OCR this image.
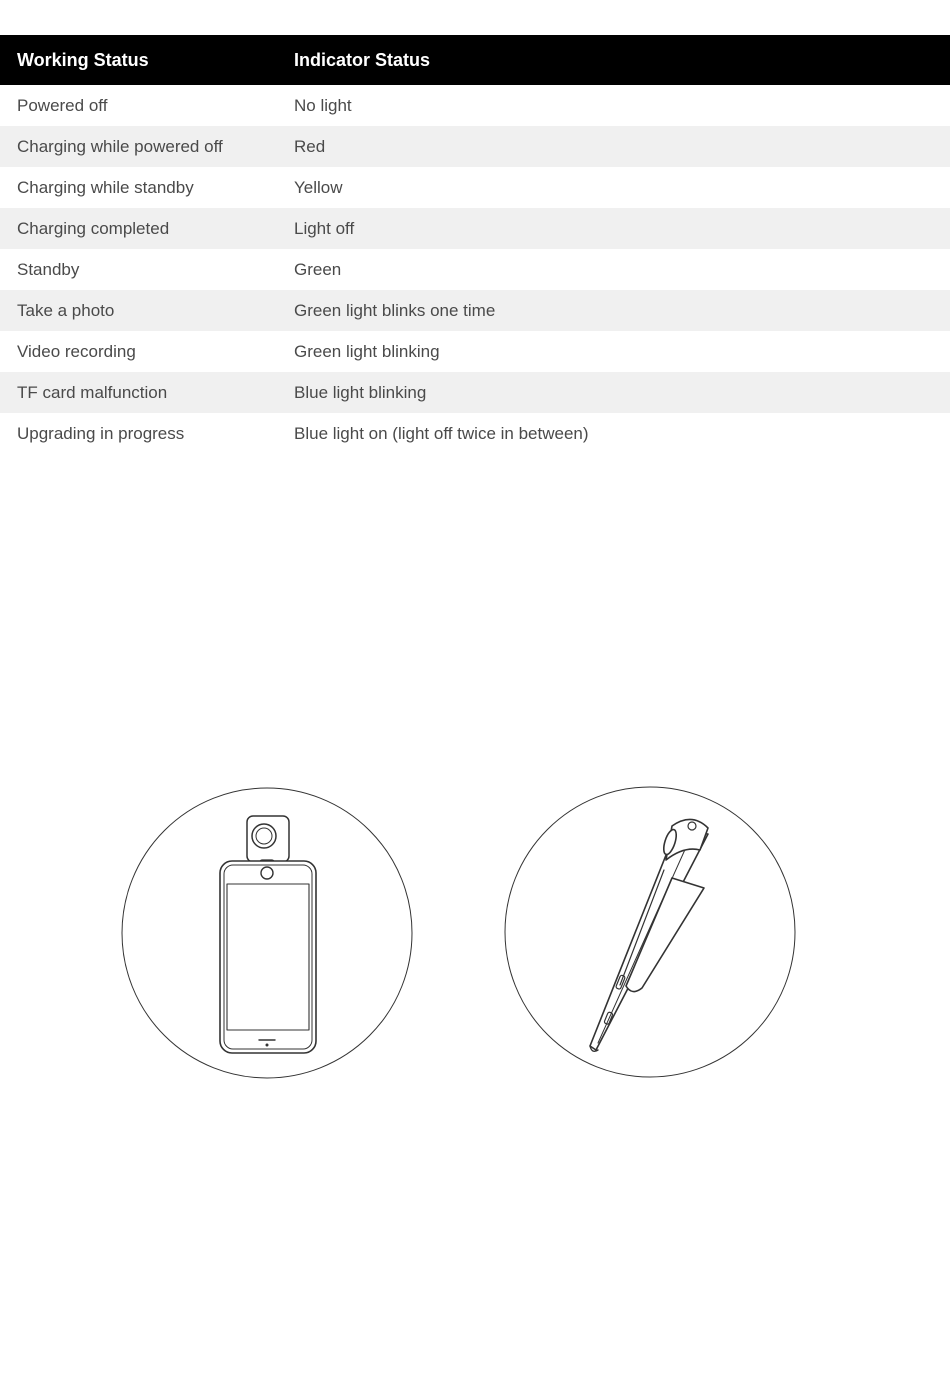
Working Status	Indicator Status
Powered off	No light
Charging while powered off	Red
Charging while standby	Yellow
Charging completed	Light off
Standby	Green
Take a photo	Green light blinks one time
Video recording	Green light blinking
TF card malfunction	Blue light blinking
Upgrading in progress	Blue light on (light off twice in between)
